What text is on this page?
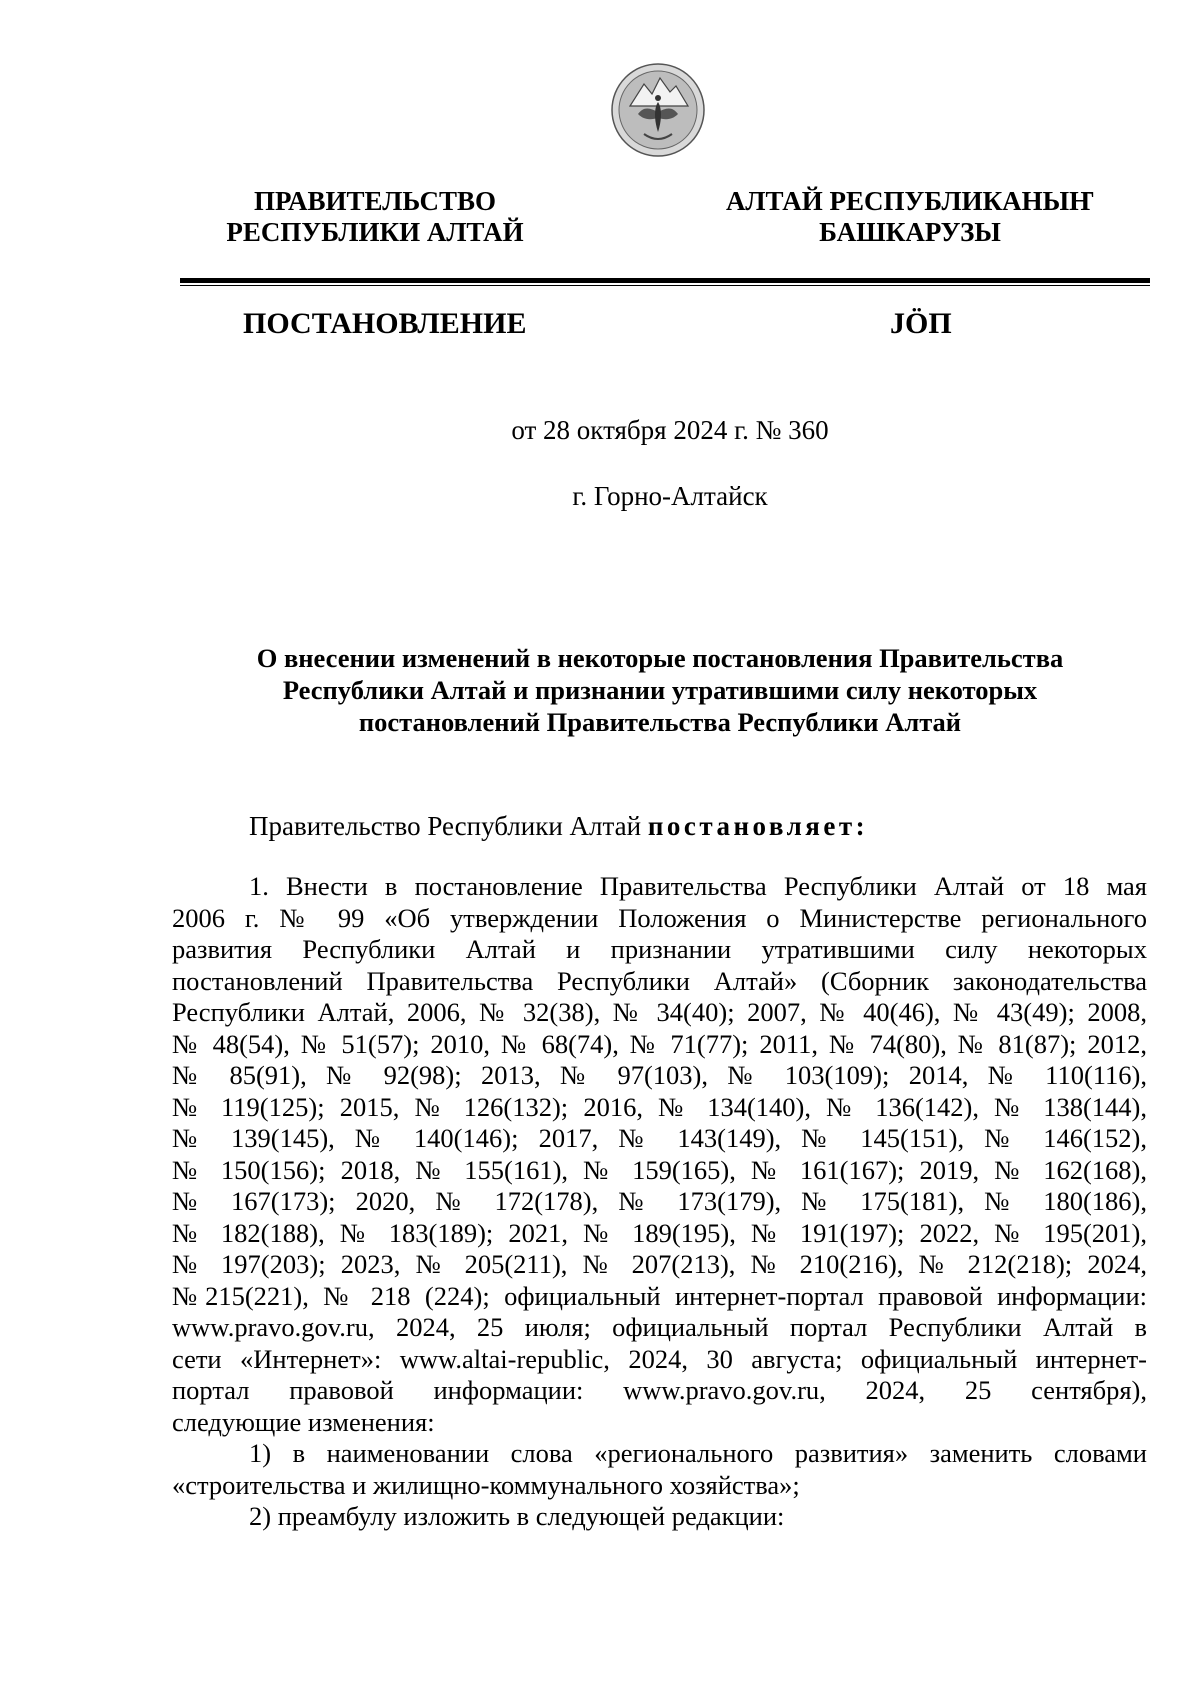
ПРАВИТЕЛЬСТВО
РЕСПУБЛИКИ АЛТАЙ
АЛТАЙ РЕСПУБЛИКАНЫҤ
БАШКАРУЗЫ
ПОСТАНОВЛЕНИЕ	JÖП
от 28 октября 2024 г. № 360
г. Горно-Алтайск
О внесении изменений в некоторые постановления Правительства
Республики Алтай и признании утратившими силу некоторых
постановлений Правительства Республики Алтай
Правительство Республики Алтай постановляет:
1. Внести в постановление Правительства Республики Алтай от 18 мая
2006 г. № 99 «Об утверждении Положения о Министерстве регионального
развития Республики Алтай и признании утратившими силу некоторых
постановлений Правительства Республики Алтай» (Сборник законодательства
Республики Алтай, 2006, № 32(38), № 34(40); 2007, № 40(46), № 43(49); 2008,
№ 48(54), № 51(57); 2010, № 68(74), № 71(77); 2011, № 74(80), № 81(87); 2012,
№ 85(91), № 92(98); 2013, № 97(103), № 103(109); 2014, № 110(116),
№ 119(125); 2015, № 126(132); 2016, № 134(140), № 136(142), № 138(144),
№ 139(145), № 140(146); 2017, № 143(149), № 145(151), № 146(152),
№ 150(156); 2018, № 155(161), № 159(165), № 161(167); 2019, № 162(168),
№ 167(173); 2020, № 172(178), № 173(179), № 175(181), № 180(186),
№ 182(188), № 183(189); 2021, № 189(195), № 191(197); 2022, № 195(201),
№ 197(203); 2023, № 205(211), № 207(213), № 210(216), № 212(218); 2024,
№215(221), № 218 (224); официальный интернет-портал правовой информации:
www.pravo.gov.ru, 2024, 25 июля; официальный портал Республики Алтай в
сети «Интернет»: www.altai-republic, 2024, 30 августа; официальный интернет-
портал правовой информации: www.pravo.gov.ru, 2024, 25 сентября),
следующие изменения:
1) в наименовании слова «регионального развития» заменить словами
«строительства и жилищно-коммунального хозяйства»;
2) преамбулу изложить в следующей редакции:
